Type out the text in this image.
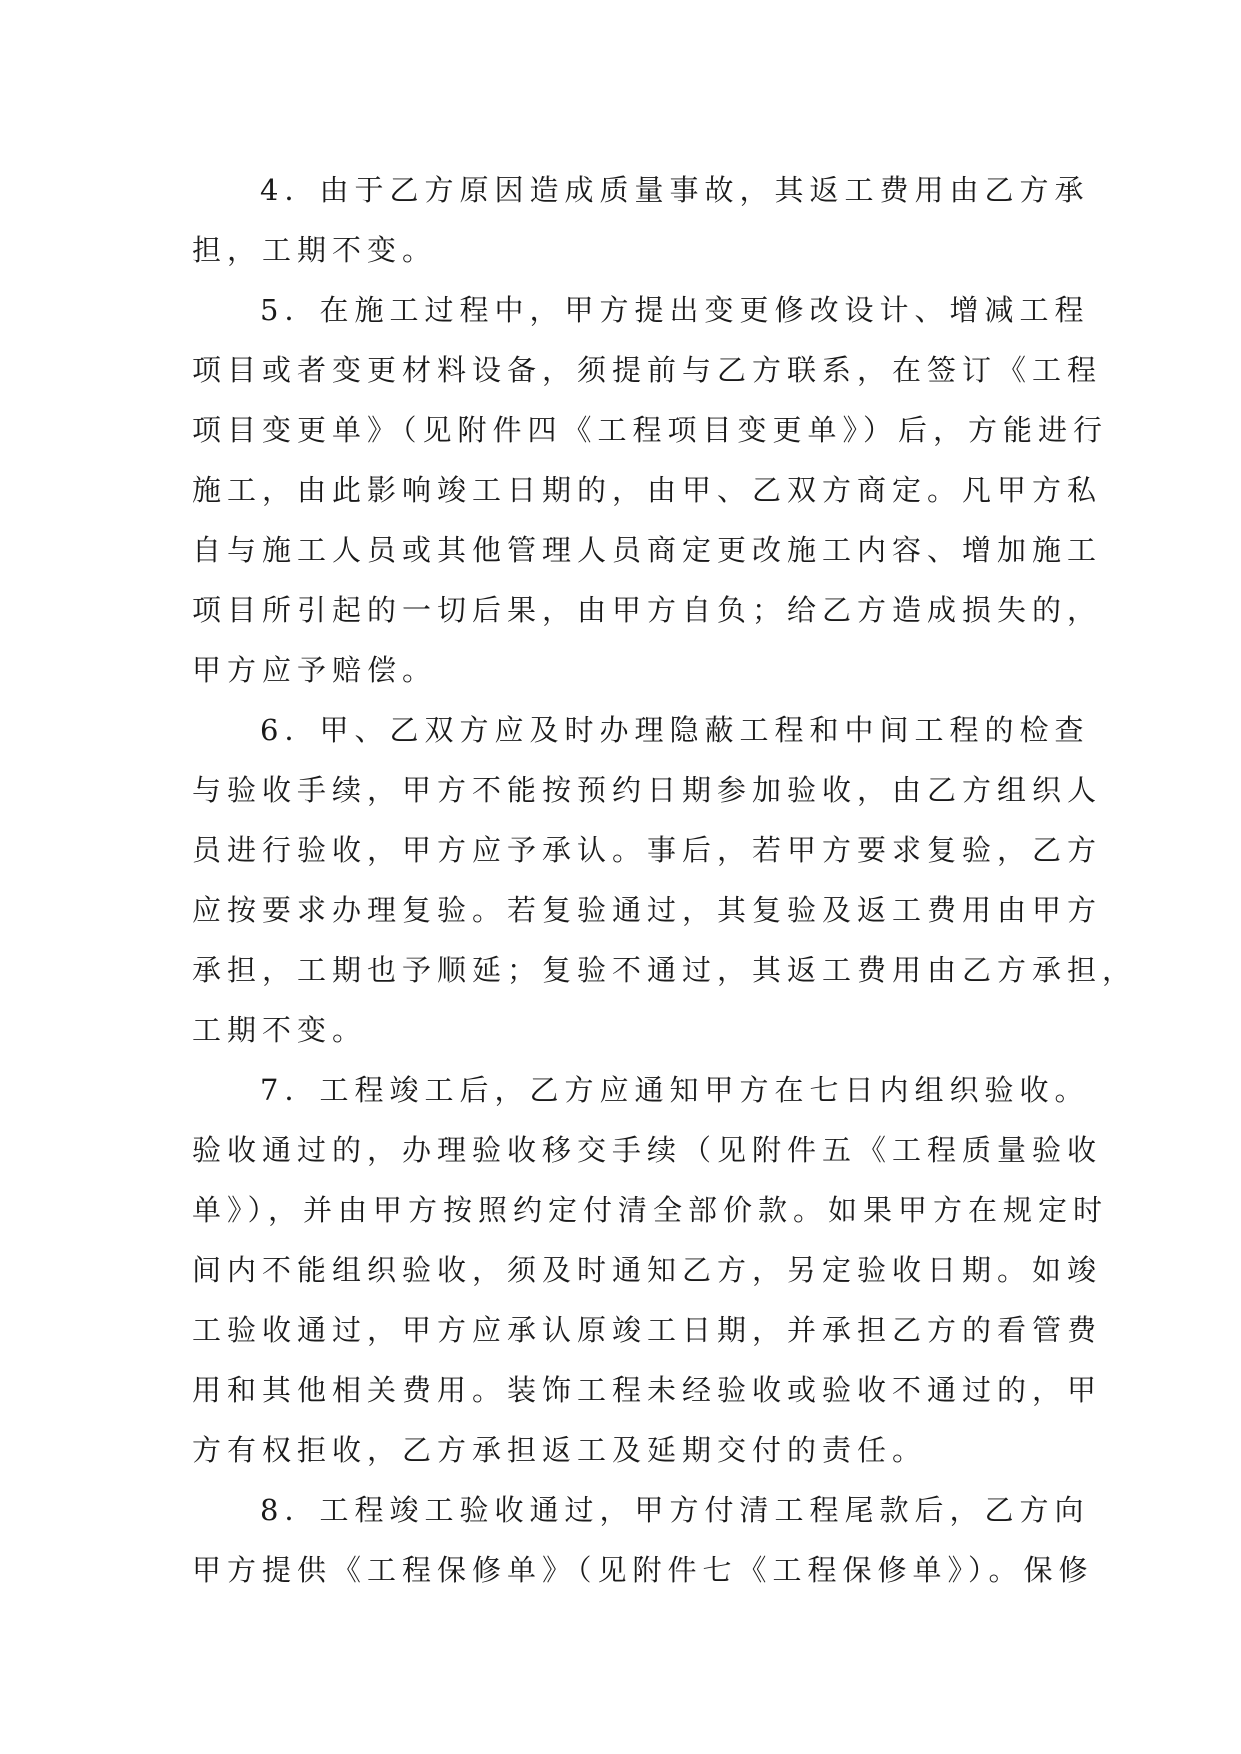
4．由于乙方原因造成质量事故，其返工费用由乙方承
担，工期不变。
5．在施工过程中，甲方提出变更修改设计、增减工程
项目或者变更材料设备，须提前与乙方联系，在签订《工程
项目变更单》（见附件四《工程项目变更单》）后，方能进行
施工，由此影响竣工日期的，由甲、乙双方商定。凡甲方私
自与施工人员或其他管理人员商定更改施工内容、增加施工
项目所引起的一切后果，由甲方自负；给乙方造成损失的，
甲方应予赔偿。
6．甲、乙双方应及时办理隐蔽工程和中间工程的检查
与验收手续，甲方不能按预约日期参加验收，由乙方组织人
员进行验收，甲方应予承认。事后，若甲方要求复验，乙方
应按要求办理复验。若复验通过，其复验及返工费用由甲方
承担，工期也予顺延；复验不通过，其返工费用由乙方承担，
工期不变。
7．工程竣工后，乙方应通知甲方在七日内组织验收。
验收通过的，办理验收移交手续（见附件五《工程质量验收
单》），并由甲方按照约定付清全部价款。如果甲方在规定时
间内不能组织验收，须及时通知乙方，另定验收日期。如竣
工验收通过，甲方应承认原竣工日期，并承担乙方的看管费
用和其他相关费用。装饰工程未经验收或验收不通过的，甲
方有权拒收，乙方承担返工及延期交付的责任。
8．工程竣工验收通过，甲方付清工程尾款后，乙方向
甲方提供《工程保修单》（见附件七《工程保修单》）。保修
